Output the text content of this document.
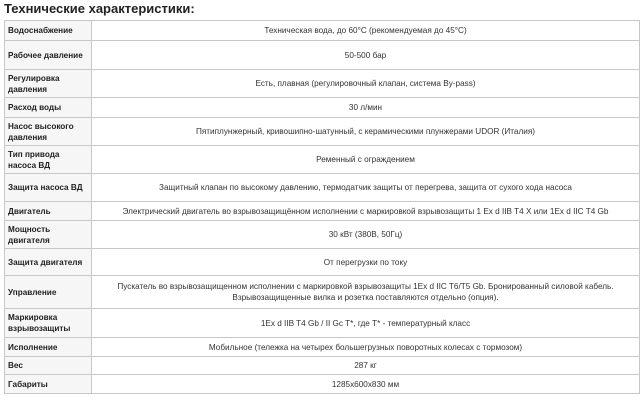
Технические характеристики:
Водоснабжение	Техническая вода, до 60°С (рекомендуемая до 45°С)
Рабочее давление	50-500 бар
Регулировка давления	Есть, плавная (регулировочный клапан, система By-pass)
Расход воды	30 л/мин
Насос высокого давления	Пятиплунжерный, кривошипно-шатунный, с керамическими плунжерами UDOR (Италия)
Тип привода насоса ВД	Ременный с ограждением
Защита насоса ВД	Защитный клапан по высокому давлению, термодатчик защиты от перегрева, защита от сухого хода насоса
Двигатель	Электрический двигатель во взрывозащищённом исполнении с маркировкой взрывозащиты 1 Ex d IIB T4 X или 1Ex d IIC T4 Gb
Мощность двигателя	30 кВт (380В, 50Гц)
Защита двигателя	От перегрузки по току
Управление	Пускатель во взрывозащищенном исполнении с маркировкой взрывозащиты 1Ex d IIC T6/T5 Gb. Бронированный силовой кабель. Взрывозащищенные вилка и розетка поставляются отдельно (опция).
Маркировка взрывозащиты	1Ex d IIB T4 Gb / II Gc T*, где T* - температурный класс
Исполнение	Мобильное (тележка на четырех большегрузных поворотных колесах с тормозом)
Вес	287 кг
Габариты	1285х600х830 мм
